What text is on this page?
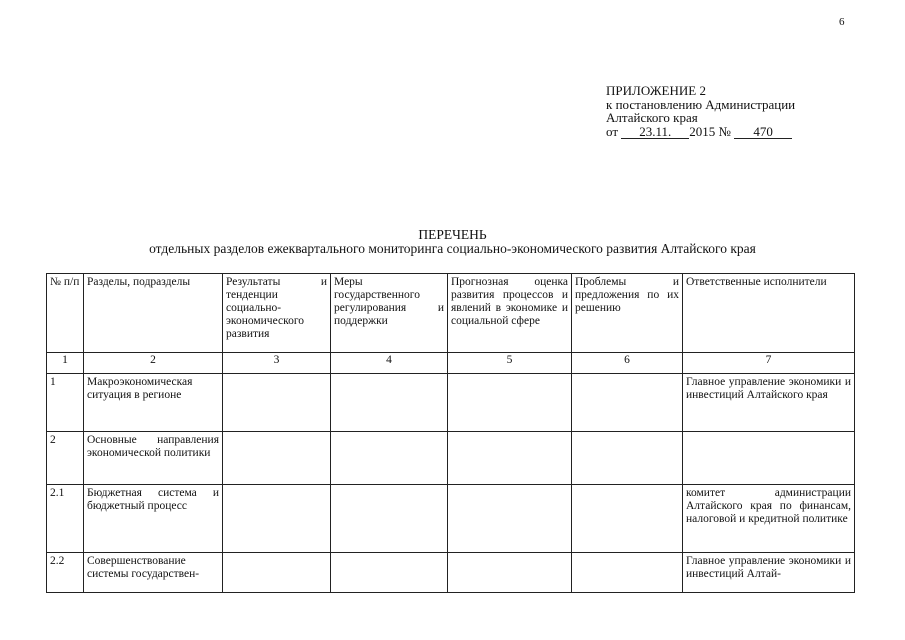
6
ПРИЛОЖЕНИЕ 2
к постановлению Администрации
Алтайского края
от 23.11. 2015 № 470
ПЕРЕЧЕНЬ
отдельных разделов ежеквартального мониторинга социально-экономического развития Алтайского края
№ п/п	Разделы, подразделы	Результаты и тенденции социально-экономического развития	Меры государственного регулирования и поддержки	Прогнозная оценка развития процессов и явлений в экономике и социальной сфере	Проблемы и предложения по их решению	Ответственные исполнители
1	2	3	4	5	6	7
1	Макроэкономическая ситуация в регионе					Главное управление экономики и инвестиций Алтайского края
2	Основные направления экономической политики					
2.1	Бюджетная система и бюджетный процесс					комитет администрации Алтайского края по финансам, налоговой и кредитной политике
2.2	Совершенствование системы государствен-					Главное управление экономики и инвестиций Алтай-
